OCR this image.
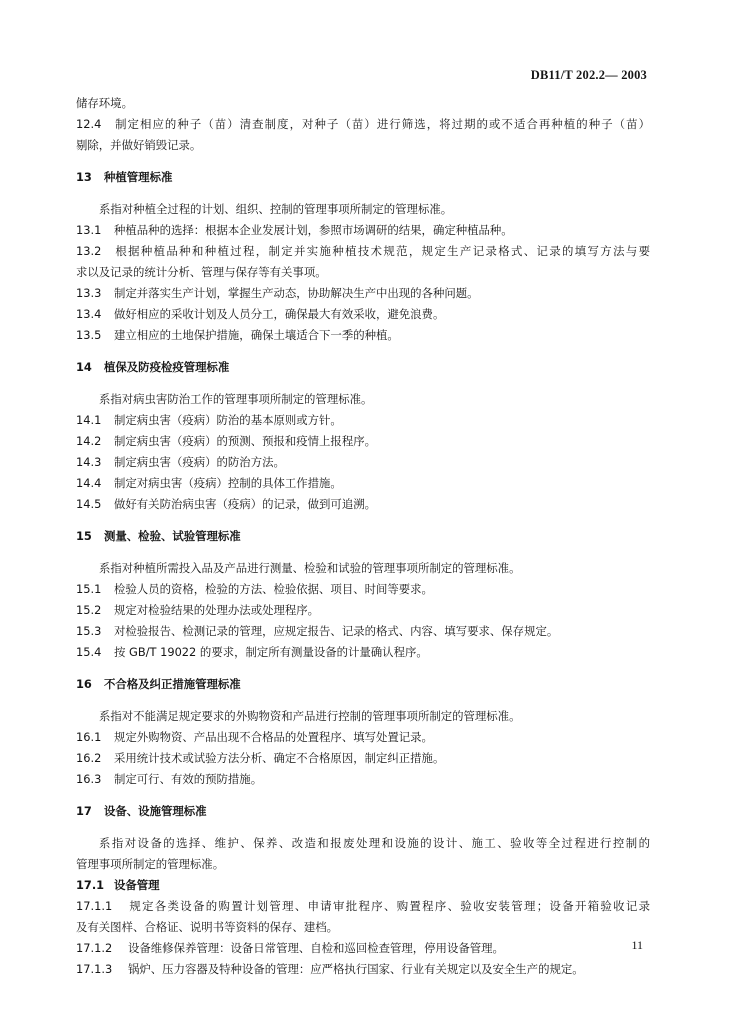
DB11/T 202.2— 2003
储存环境。
12.4 制定相应的种子（苗）清查制度，对种子（苗）进行筛选，将过期的或不适合再种植的种子（苗）
剔除，并做好销毁记录。
13 种植管理标准
系指对种植全过程的计划、组织、控制的管理事项所制定的管理标准。
13.1 种植品种的选择：根据本企业发展计划，参照市场调研的结果，确定种植品种。
13.2 根据种植品种和种植过程，制定并实施种植技术规范，规定生产记录格式、记录的填写方法与要
求以及记录的统计分析、管理与保存等有关事项。
13.3 制定并落实生产计划，掌握生产动态，协助解决生产中出现的各种问题。
13.4 做好相应的采收计划及人员分工，确保最大有效采收，避免浪费。
13.5 建立相应的土地保护措施，确保土壤适合下一季的种植。
14 植保及防疫检疫管理标准
系指对病虫害防治工作的管理事项所制定的管理标准。
14.1 制定病虫害（疫病）防治的基本原则或方针。
14.2 制定病虫害（疫病）的预测、预报和疫情上报程序。
14.3 制定病虫害（疫病）的防治方法。
14.4 制定对病虫害（疫病）控制的具体工作措施。
14.5 做好有关防治病虫害（疫病）的记录，做到可追溯。
15 测量、检验、试验管理标准
系指对种植所需投入品及产品进行测量、检验和试验的管理事项所制定的管理标准。
15.1 检验人员的资格，检验的方法、检验依据、项目、时间等要求。
15.2 规定对检验结果的处理办法或处理程序。
15.3 对检验报告、检测记录的管理，应规定报告、记录的格式、内容、填写要求、保存规定。
15.4 按 GB/T 19022 的要求，制定所有测量设备的计量确认程序。
16 不合格及纠正措施管理标准
系指对不能满足规定要求的外购物资和产品进行控制的管理事项所制定的管理标准。
16.1 规定外购物资、产品出现不合格品的处置程序、填写处置记录。
16.2 采用统计技术或试验方法分析、确定不合格原因，制定纠正措施。
16.3 制定可行、有效的预防措施。
17 设备、设施管理标准
系指对设备的选择、维护、保养、改造和报废处理和设施的设计、施工、验收等全过程进行控制的
管理事项所制定的管理标准。
17.1 设备管理
17.1.1 规定各类设备的购置计划管理、申请审批程序、购置程序、验收安装管理；设备开箱验收记录
及有关图样、合格证、说明书等资料的保存、建档。
17.1.2 设备维修保养管理：设备日常管理、自检和巡回检查管理，停用设备管理。
17.1.3 锅炉、压力容器及特种设备的管理：应严格执行国家、行业有关规定以及安全生产的规定。
11
